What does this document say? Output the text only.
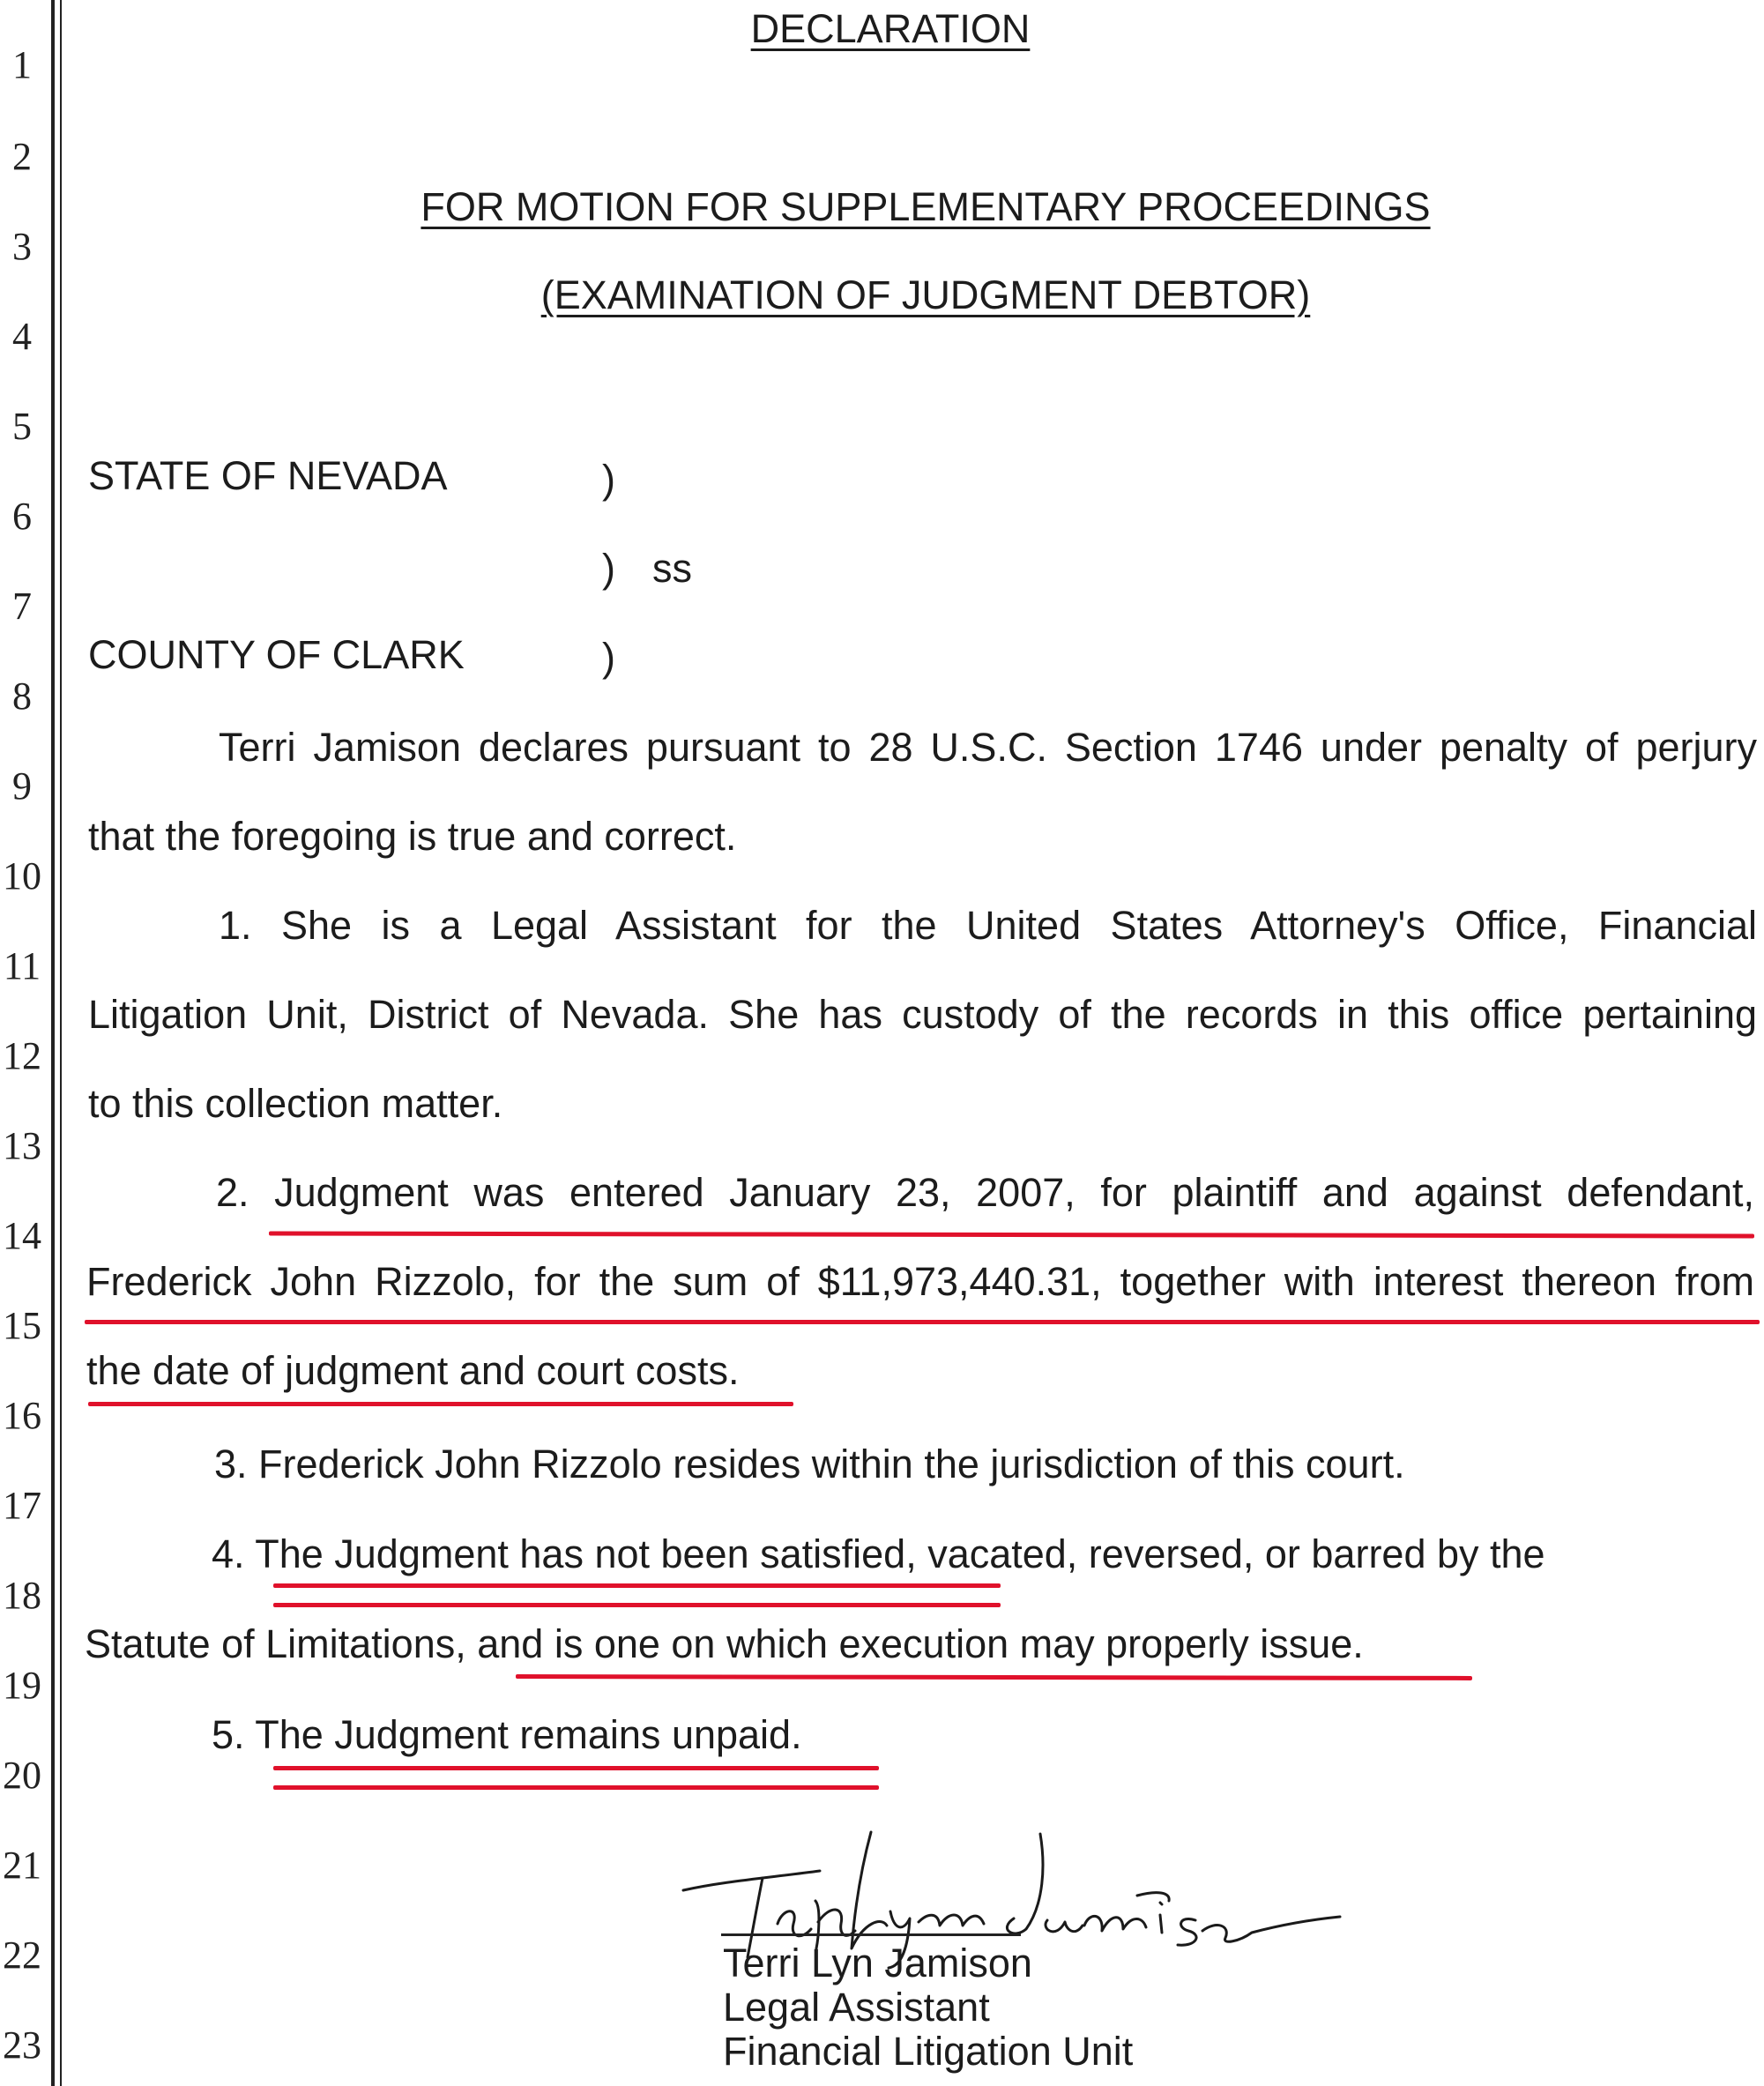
1
2
3
4
5
6
7
8
9
10
11
12
13
14
15
16
17
18
19
20
21
22
23
DECLARATION
FOR MOTION FOR SUPPLEMENTARY PROCEEDINGS
(EXAMINATION OF JUDGMENT DEBTOR)
STATE OF NEVADA	)
) ss
COUNTY OF CLARK	)
Terri Jamison declares pursuant to 28 U.S.C. Section 1746 under penalty of perjury
that the foregoing is true and correct.
1. She is a Legal Assistant for the United States Attorney's Office, Financial
Litigation Unit, District of Nevada. She has custody of the records in this office pertaining
to this collection matter.
2. Judgment was entered January 23, 2007, for plaintiff and against defendant,
Frederick John Rizzolo, for the sum of $11,973,440.31, together with interest thereon from
the date of judgment and court costs.
3. Frederick John Rizzolo resides within the jurisdiction of this court.
4. The Judgment has not been satisfied, vacated, reversed, or barred by the
Statute of Limitations, and is one on which execution may properly issue.
5. The Judgment remains unpaid.
Terri Lyn Jamison
Legal Assistant
Financial Litigation Unit
